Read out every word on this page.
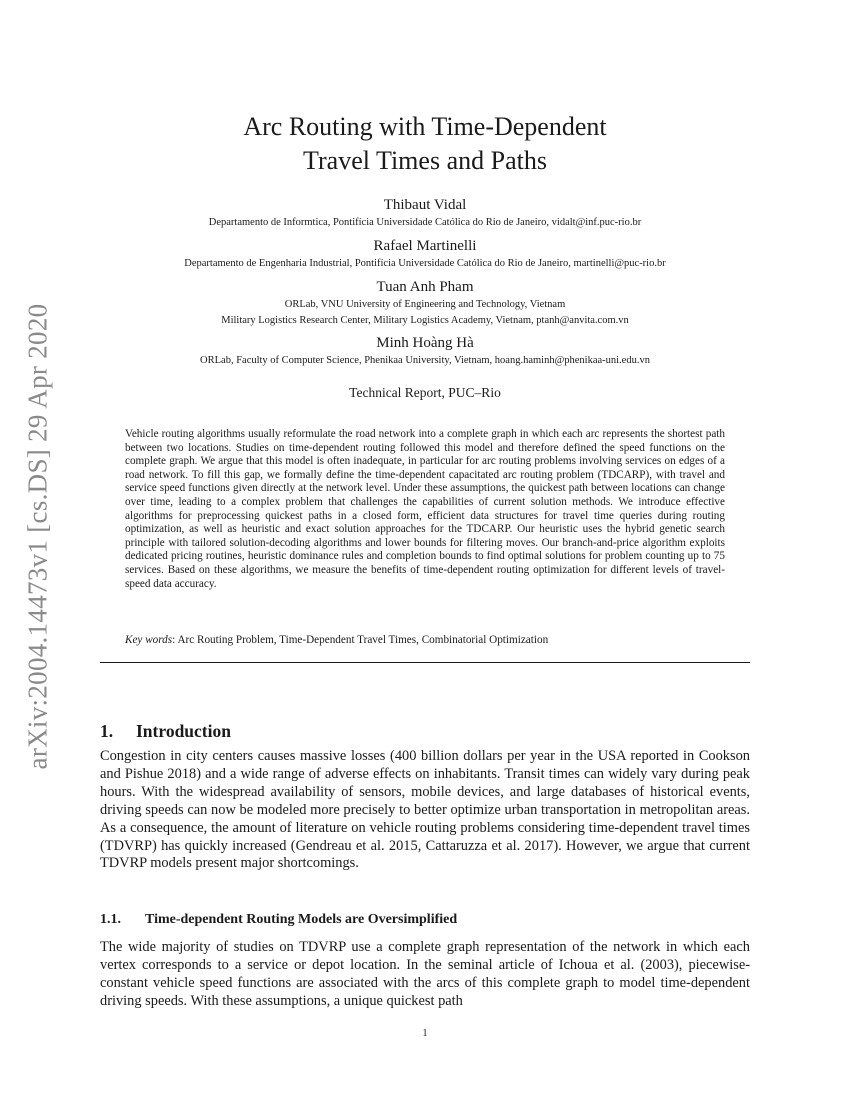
arXiv:2004.14473v1 [cs.DS] 29 Apr 2020
Arc Routing with Time-Dependent
Travel Times and Paths
Thibaut Vidal
Departamento de Informtica, Pontifícia Universidade Católica do Rio de Janeiro, vidalt@inf.puc-rio.br
Rafael Martinelli
Departamento de Engenharia Industrial, Pontifícia Universidade Católica do Rio de Janeiro, martinelli@puc-rio.br
Tuan Anh Pham
ORLab, VNU University of Engineering and Technology, Vietnam
Military Logistics Research Center, Military Logistics Academy, Vietnam, ptanh@anvita.com.vn
Minh Hoàng Hà
ORLab, Faculty of Computer Science, Phenikaa University, Vietnam, hoang.haminh@phenikaa-uni.edu.vn
Technical Report, PUC–Rio

Vehicle routing algorithms usually reformulate the road network into a complete graph in which each arc represents the shortest path between two locations. Studies on time-dependent routing followed this model and therefore defined the speed functions on the complete graph. We argue that this model is often inadequate, in particular for arc routing problems involving services on edges of a road network. To fill this gap, we formally define the time-dependent capacitated arc routing problem (TDCARP), with travel and service speed functions given directly at the network level. Under these assumptions, the quickest path between locations can change over time, leading to a complex problem that challenges the capabilities of current solution methods. We introduce effective algorithms for preprocessing quickest paths in a closed form, efficient data structures for travel time queries during routing optimization, as well as heuristic and exact solution approaches for the TDCARP. Our heuristic uses the hybrid genetic search principle with tailored solution-decoding algorithms and lower bounds for filtering moves. Our branch-and-price algorithm exploits dedicated pricing routines, heuristic dominance rules and completion bounds to find optimal solutions for problem counting up to 75 services. Based on these algorithms, we measure the benefits of time-dependent routing optimization for different levels of travel-speed data accuracy.

Key words: Arc Routing Problem, Time-Dependent Travel Times, Combinatorial Optimization
1. Introduction

Congestion in city centers causes massive losses (400 billion dollars per year in the USA reported in Cookson and Pishue 2018) and a wide range of adverse effects on inhabitants. Transit times can widely vary during peak hours. With the widespread availability of sensors, mobile devices, and large databases of historical events, driving speeds can now be modeled more precisely to better optimize urban transportation in metropolitan areas. As a consequence, the amount of literature on vehicle routing problems considering time-dependent travel times (TDVRP) has quickly increased (Gendreau et al. 2015, Cattaruzza et al. 2017). However, we argue that current TDVRP models present major shortcomings.

1.1. Time-dependent Routing Models are Oversimplified

The wide majority of studies on TDVRP use a complete graph representation of the network in which each vertex corresponds to a service or depot location. In the seminal article of Ichoua et al. (2003), piecewise-constant vehicle speed functions are associated with the arcs of this complete graph to model time-dependent driving speeds. With these assumptions, a unique quickest path

1
